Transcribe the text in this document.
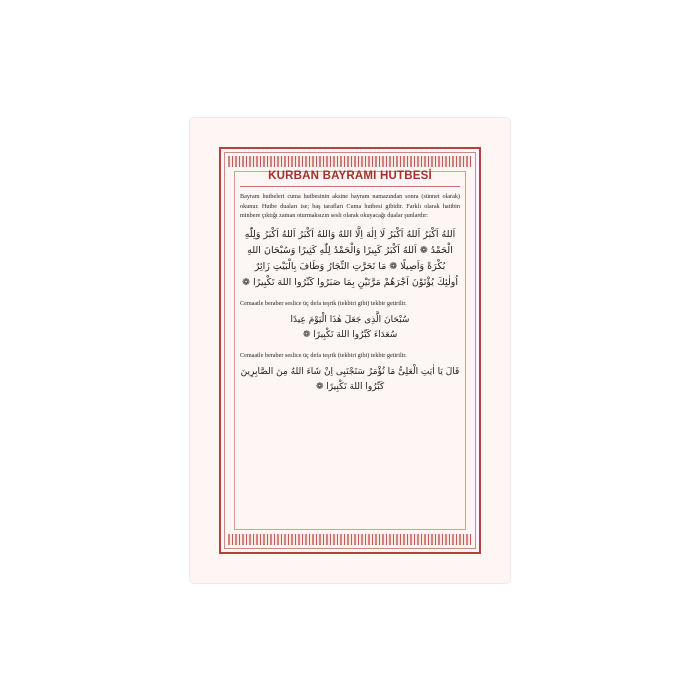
KURBAN BAYRAMI HUTBESİ

Bayram hutbeleri cuma hutbesinin aksine bayram namazından sonra (sünnet olarak) okunur. Hutbe duaları ise; baş tarafları Cuma hutbesi gibidir. Farklı olarak hatibin minbere çıktığı zaman oturmaksızın sesli olarak okuyacağı dualar şunlardır:

اَللهُ اَكْبَرُ اَللهُ اَكْبَرُ لَا اِلٰهَ اِلَّا اللهُ وَاللهُ اَكْبَرُ اَللهُ اَكْبَرُ وَلِلّٰهِ
الْحَمْدُ ❁ اَللهُ اَكْبَرُ كَبِيرًا وَالْحَمْدُ لِلّٰهِ كَثِيرًا وَسُبْحَانَ اللهِ
بُكْرَةً وَاَصِيلًا ❁ مَا تَحَرَّتِ التِّجَارُ وَطَافَ بِالْبَيْتِ زَائِرٌ
اُولٰئِكَ يُؤْتَوْنَ اَجْرَهُمْ مَرَّتَيْنِ بِمَا صَبَرُوا كَبِّرُوا اللهَ تَكْبِيرًا ❁

Cemaatle beraber sesliсe üç defa teşrik (tekbiri gibi) tekbir getirilir.

سُبْحَانَ الَّذِى جَعَلَ هٰذَا الْيَوْمَ عِيدًا
سُعَدَاءَ كَبِّرُوا اللهَ تَكْبِيرًا ❁

Cemaatle beraber sesliсe üç defa teşrik (tekbiri gibi) tekbir getirilir.

قَالَ يَا اٰيَتِ الْعَلِىُّ مَا تُؤْمَرُ سَتَجْتَبِى اِنْ شَاءَ اللهُ مِنَ الصَّابِرِينَ
كَبِّرُوا اللهَ تَكْبِيرًا ❁
